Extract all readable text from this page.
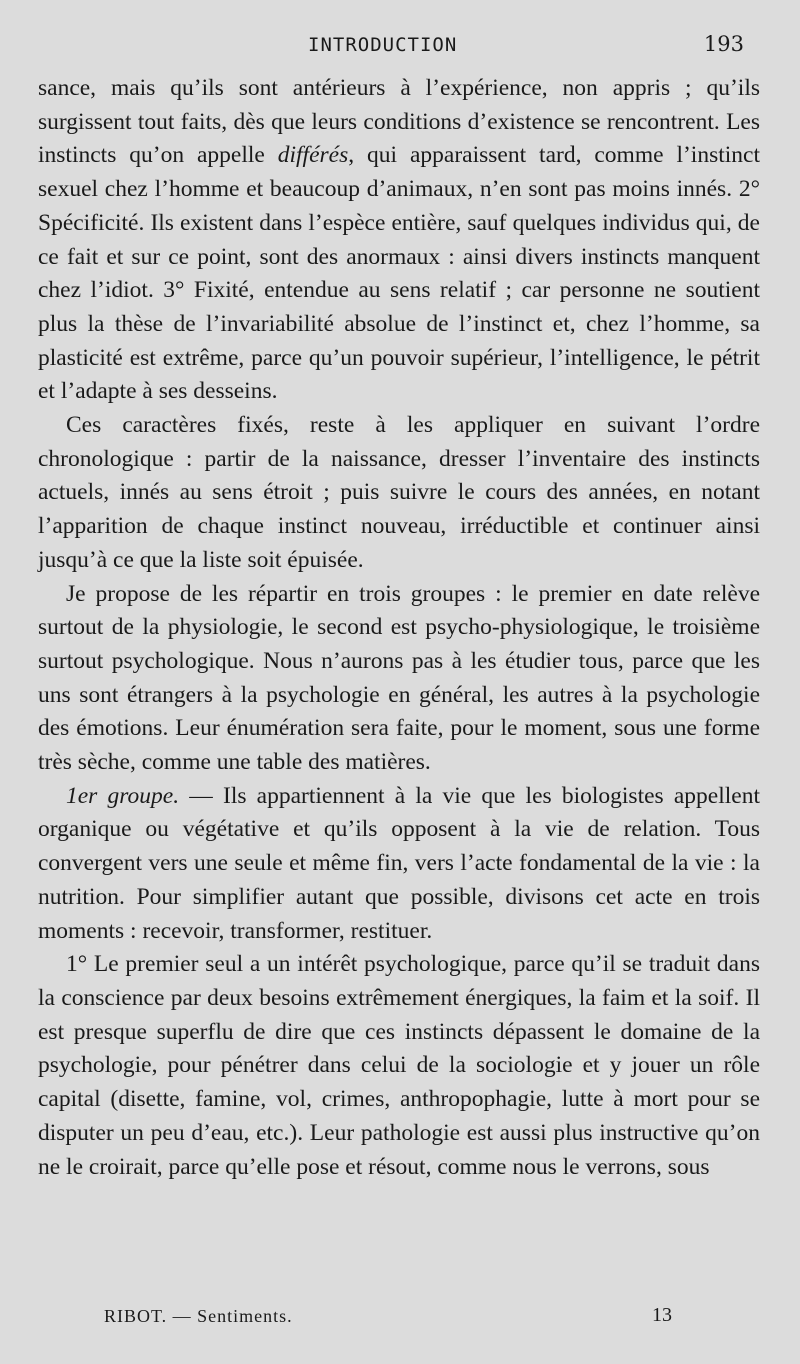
INTRODUCTION	193

sance, mais qu’ils sont antérieurs à l’expérience, non appris ; qu’ils surgissent tout faits, dès que leurs conditions d’existence se rencontrent. Les instincts qu’on appelle différés, qui apparaissent tard, comme l’instinct sexuel chez l’homme et beaucoup d’animaux, n’en sont pas moins innés. 2° Spécificité. Ils existent dans l’espèce entière, sauf quelques individus qui, de ce fait et sur ce point, sont des anormaux : ainsi divers instincts manquent chez l’idiot. 3° Fixité, entendue au sens relatif ; car personne ne soutient plus la thèse de l’invariabilité absolue de l’instinct et, chez l’homme, sa plasticité est extrême, parce qu’un pouvoir supérieur, l’intelligence, le pétrit et l’adapte à ses desseins.

Ces caractères fixés, reste à les appliquer en suivant l’ordre chronologique : partir de la naissance, dresser l’inventaire des instincts actuels, innés au sens étroit ; puis suivre le cours des années, en notant l’apparition de chaque instinct nouveau, irréductible et continuer ainsi jusqu’à ce que la liste soit épuisée.

Je propose de les répartir en trois groupes : le premier en date relève surtout de la physiologie, le second est psycho-physiologique, le troisième surtout psychologique. Nous n’aurons pas à les étudier tous, parce que les uns sont étrangers à la psychologie en général, les autres à la psychologie des émotions. Leur énumération sera faite, pour le moment, sous une forme très sèche, comme une table des matières.

1er groupe. — Ils appartiennent à la vie que les biologistes appellent organique ou végétative et qu’ils opposent à la vie de relation. Tous convergent vers une seule et même fin, vers l’acte fondamental de la vie : la nutrition. Pour simplifier autant que possible, divisons cet acte en trois moments : recevoir, transformer, restituer.

1° Le premier seul a un intérêt psychologique, parce qu’il se traduit dans la conscience par deux besoins extrêmement énergiques, la faim et la soif. Il est presque superflu de dire que ces instincts dépassent le domaine de la psychologie, pour pénétrer dans celui de la sociologie et y jouer un rôle capital (disette, famine, vol, crimes, anthropophagie, lutte à mort pour se disputer un peu d’eau, etc.). Leur pathologie est aussi plus instructive qu’on ne le croirait, parce qu’elle pose et résout, comme nous le verrons, sous

RIBOT. — Sentiments.	13
